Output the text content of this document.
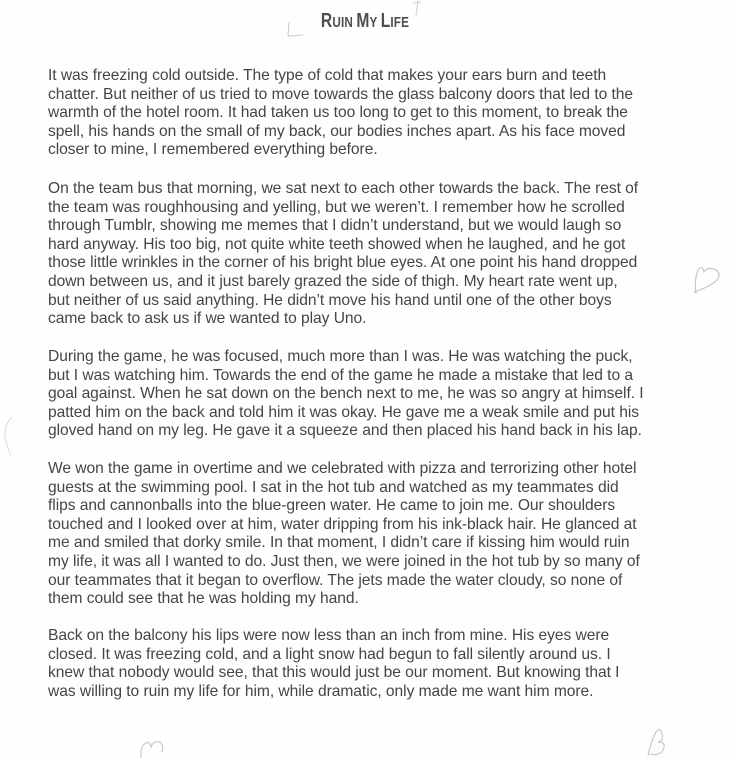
RUIN MY LIFE
It was freezing cold outside. The type of cold that makes your ears burn and teeth
chatter. But neither of us tried to move towards the glass balcony doors that led to the
warmth of the hotel room. It had taken us too long to get to this moment, to break the
spell, his hands on the small of my back, our bodies inches apart. As his face moved
closer to mine, I remembered everything before.
On the team bus that morning, we sat next to each other towards the back. The rest of
the team was roughhousing and yelling, but we weren’t. I remember how he scrolled
through Tumblr, showing me memes that I didn’t understand, but we would laugh so
hard anyway. His too big, not quite white teeth showed when he laughed, and he got
those little wrinkles in the corner of his bright blue eyes. At one point his hand dropped
down between us, and it just barely grazed the side of thigh. My heart rate went up,
but neither of us said anything. He didn’t move his hand until one of the other boys
came back to ask us if we wanted to play Uno.
During the game, he was focused, much more than I was. He was watching the puck,
but I was watching him. Towards the end of the game he made a mistake that led to a
goal against. When he sat down on the bench next to me, he was so angry at himself. I
patted him on the back and told him it was okay. He gave me a weak smile and put his
gloved hand on my leg. He gave it a squeeze and then placed his hand back in his lap.
We won the game in overtime and we celebrated with pizza and terrorizing other hotel
guests at the swimming pool. I sat in the hot tub and watched as my teammates did
flips and cannonballs into the blue-green water. He came to join me. Our shoulders
touched and I looked over at him, water dripping from his ink-black hair. He glanced at
me and smiled that dorky smile. In that moment, I didn’t care if kissing him would ruin
my life, it was all I wanted to do. Just then, we were joined in the hot tub by so many of
our teammates that it began to overflow. The jets made the water cloudy, so none of
them could see that he was holding my hand.
Back on the balcony his lips were now less than an inch from mine. His eyes were
closed. It was freezing cold, and a light snow had begun to fall silently around us. I
knew that nobody would see, that this would just be our moment. But knowing that I
was willing to ruin my life for him, while dramatic, only made me want him more.
